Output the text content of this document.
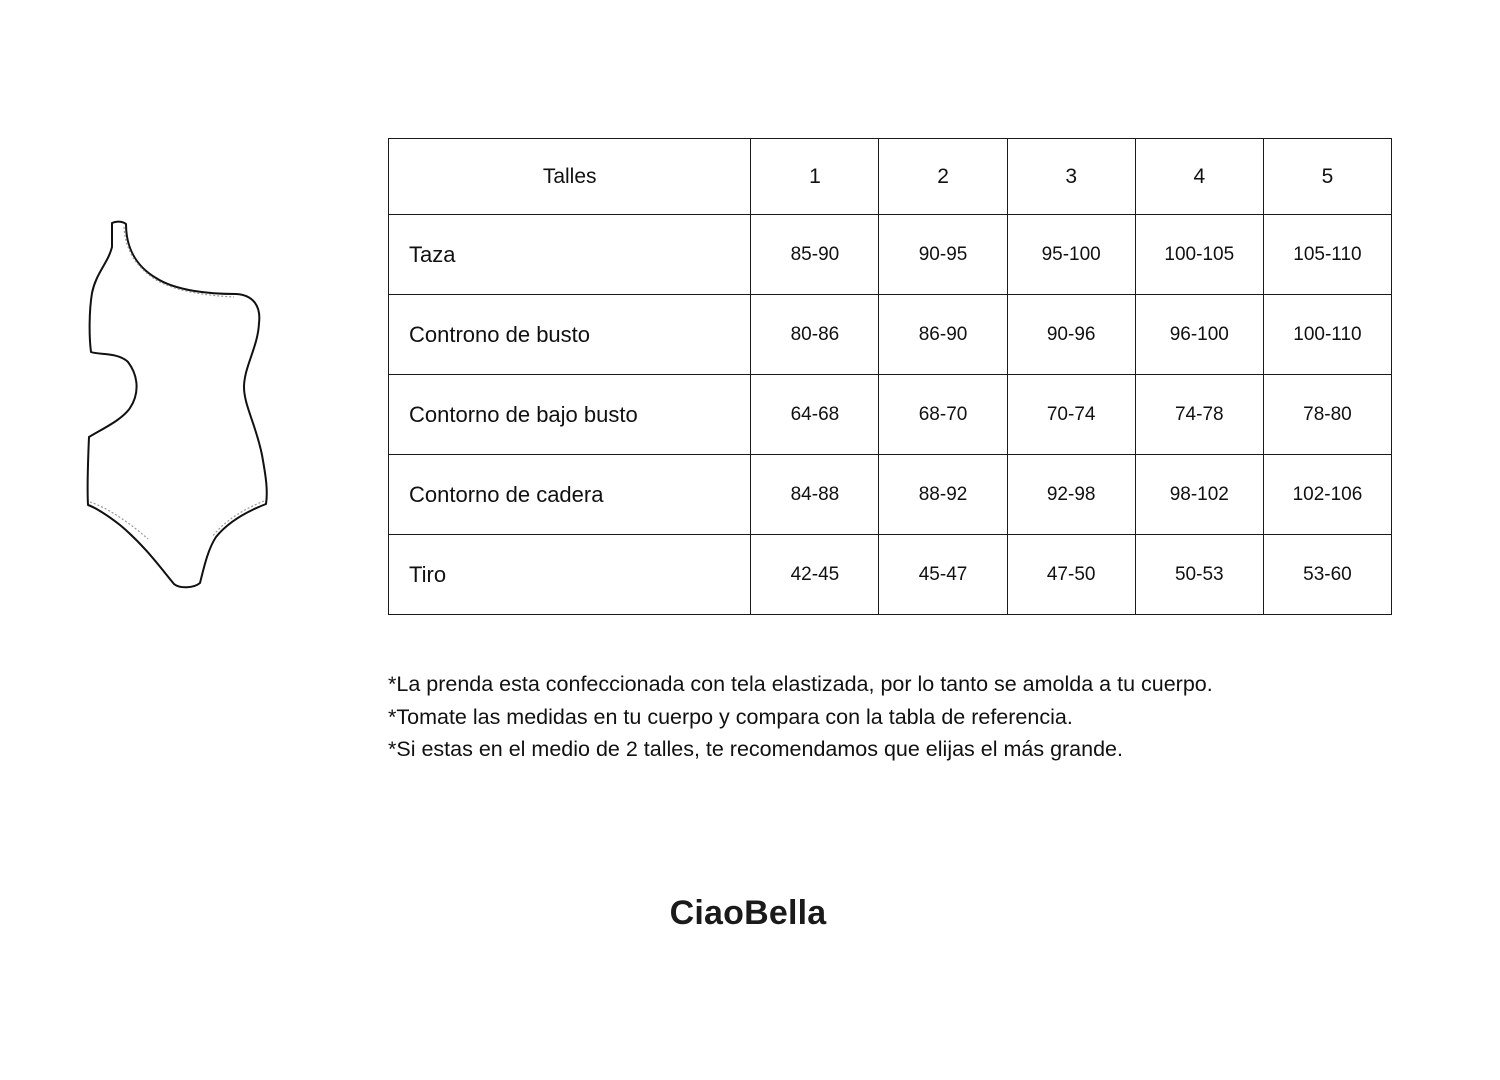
Talles	1	2	3	4	5
Taza	85-90	90-95	95-100	100-105	105-110
Controno de busto	80-86	86-90	90-96	96-100	100-110
Contorno de bajo busto	64-68	68-70	70-74	74-78	78-80
Contorno de cadera	84-88	88-92	92-98	98-102	102-106
Tiro	42-45	45-47	47-50	50-53	53-60

*La prenda esta confeccionada con tela elastizada, por lo tanto se amolda a tu cuerpo.

*Tomate las medidas en tu cuerpo y compara con la tabla de referencia.

*Si estas en el medio de 2 talles, te recomendamos que elijas el más grande.

CiaoBella
